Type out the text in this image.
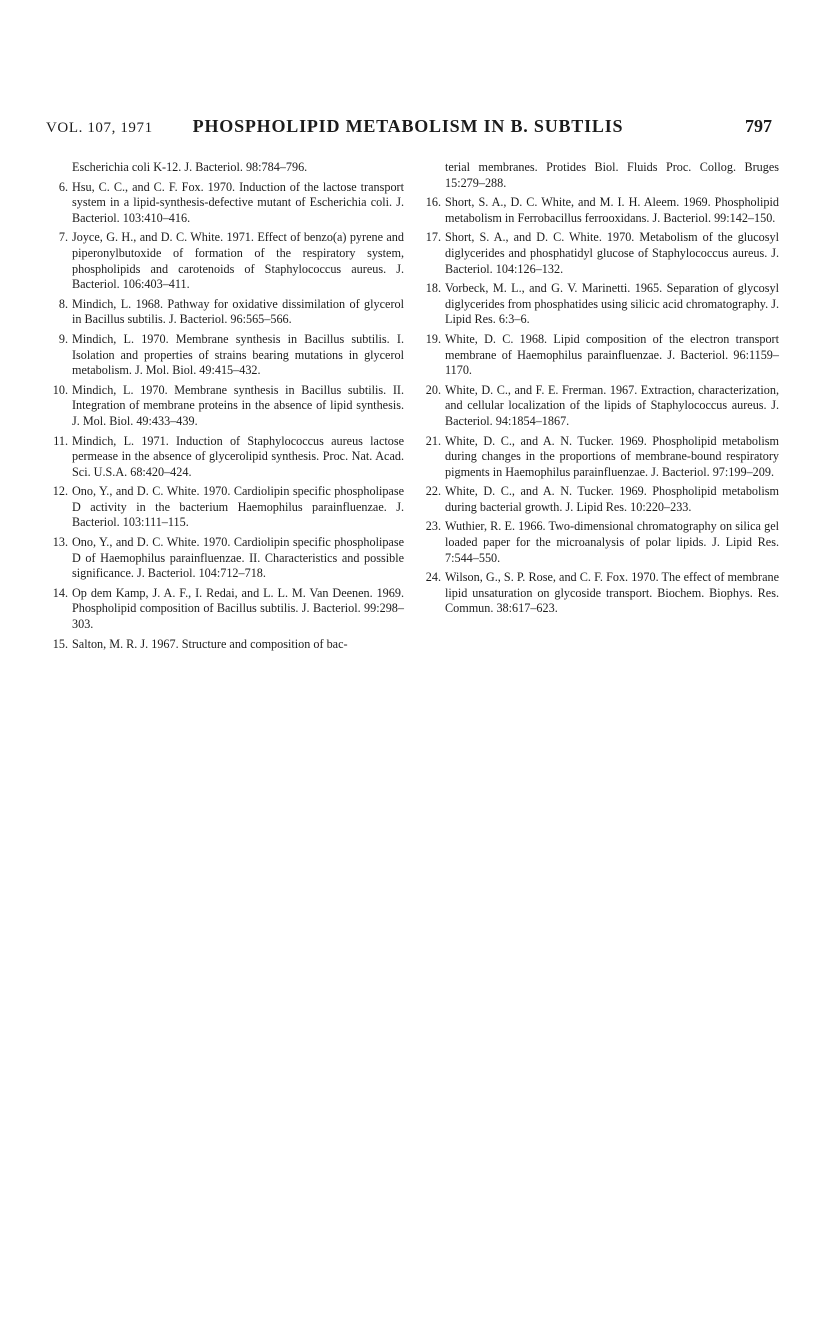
VOL. 107, 1971	PHOSPHOLIPID METABOLISM IN B. SUBTILIS	797
Escherichia coli K-12. J. Bacteriol. 98:784–796.
6. Hsu, C. C., and C. F. Fox. 1970. Induction of the lactose transport system in a lipid-synthesis-defective mutant of Escherichia coli. J. Bacteriol. 103:410–416.
7. Joyce, G. H., and D. C. White. 1971. Effect of benzo(a) pyrene and piperonylbutoxide of formation of the respiratory system, phospholipids and carotenoids of Staphylococcus aureus. J. Bacteriol. 106:403–411.
8. Mindich, L. 1968. Pathway for oxidative dissimilation of glycerol in Bacillus subtilis. J. Bacteriol. 96:565–566.
9. Mindich, L. 1970. Membrane synthesis in Bacillus subtilis. I. Isolation and properties of strains bearing mutations in glycerol metabolism. J. Mol. Biol. 49:415–432.
10. Mindich, L. 1970. Membrane synthesis in Bacillus subtilis. II. Integration of membrane proteins in the absence of lipid synthesis. J. Mol. Biol. 49:433–439.
11. Mindich, L. 1971. Induction of Staphylococcus aureus lactose permease in the absence of glycerolipid synthesis. Proc. Nat. Acad. Sci. U.S.A. 68:420–424.
12. Ono, Y., and D. C. White. 1970. Cardiolipin specific phospholipase D activity in the bacterium Haemophilus parainfluenzae. J. Bacteriol. 103:111–115.
13. Ono, Y., and D. C. White. 1970. Cardiolipin specific phospholipase D of Haemophilus parainfluenzae. II. Characteristics and possible significance. J. Bacteriol. 104:712–718.
14. Op dem Kamp, J. A. F., I. Redai, and L. L. M. Van Deenen. 1969. Phospholipid composition of Bacillus subtilis. J. Bacteriol. 99:298–303.
15. Salton, M. R. J. 1967. Structure and composition of bac-
terial membranes. Protides Biol. Fluids Proc. Collog. Bruges 15:279–288.
16. Short, S. A., D. C. White, and M. I. H. Aleem. 1969. Phospholipid metabolism in Ferrobacillus ferrooxidans. J. Bacteriol. 99:142–150.
17. Short, S. A., and D. C. White. 1970. Metabolism of the glucosyl diglycerides and phosphatidyl glucose of Staphylococcus aureus. J. Bacteriol. 104:126–132.
18. Vorbeck, M. L., and G. V. Marinetti. 1965. Separation of glycosyl diglycerides from phosphatides using silicic acid chromatography. J. Lipid Res. 6:3–6.
19. White, D. C. 1968. Lipid composition of the electron transport membrane of Haemophilus parainfluenzae. J. Bacteriol. 96:1159–1170.
20. White, D. C., and F. E. Frerman. 1967. Extraction, characterization, and cellular localization of the lipids of Staphylococcus aureus. J. Bacteriol. 94:1854–1867.
21. White, D. C., and A. N. Tucker. 1969. Phospholipid metabolism during changes in the proportions of membrane-bound respiratory pigments in Haemophilus parainfluenzae. J. Bacteriol. 97:199–209.
22. White, D. C., and A. N. Tucker. 1969. Phospholipid metabolism during bacterial growth. J. Lipid Res. 10:220–233.
23. Wuthier, R. E. 1966. Two-dimensional chromatography on silica gel loaded paper for the microanalysis of polar lipids. J. Lipid Res. 7:544–550.
24. Wilson, G., S. P. Rose, and C. F. Fox. 1970. The effect of membrane lipid unsaturation on glycoside transport. Biochem. Biophys. Res. Commun. 38:617–623.
